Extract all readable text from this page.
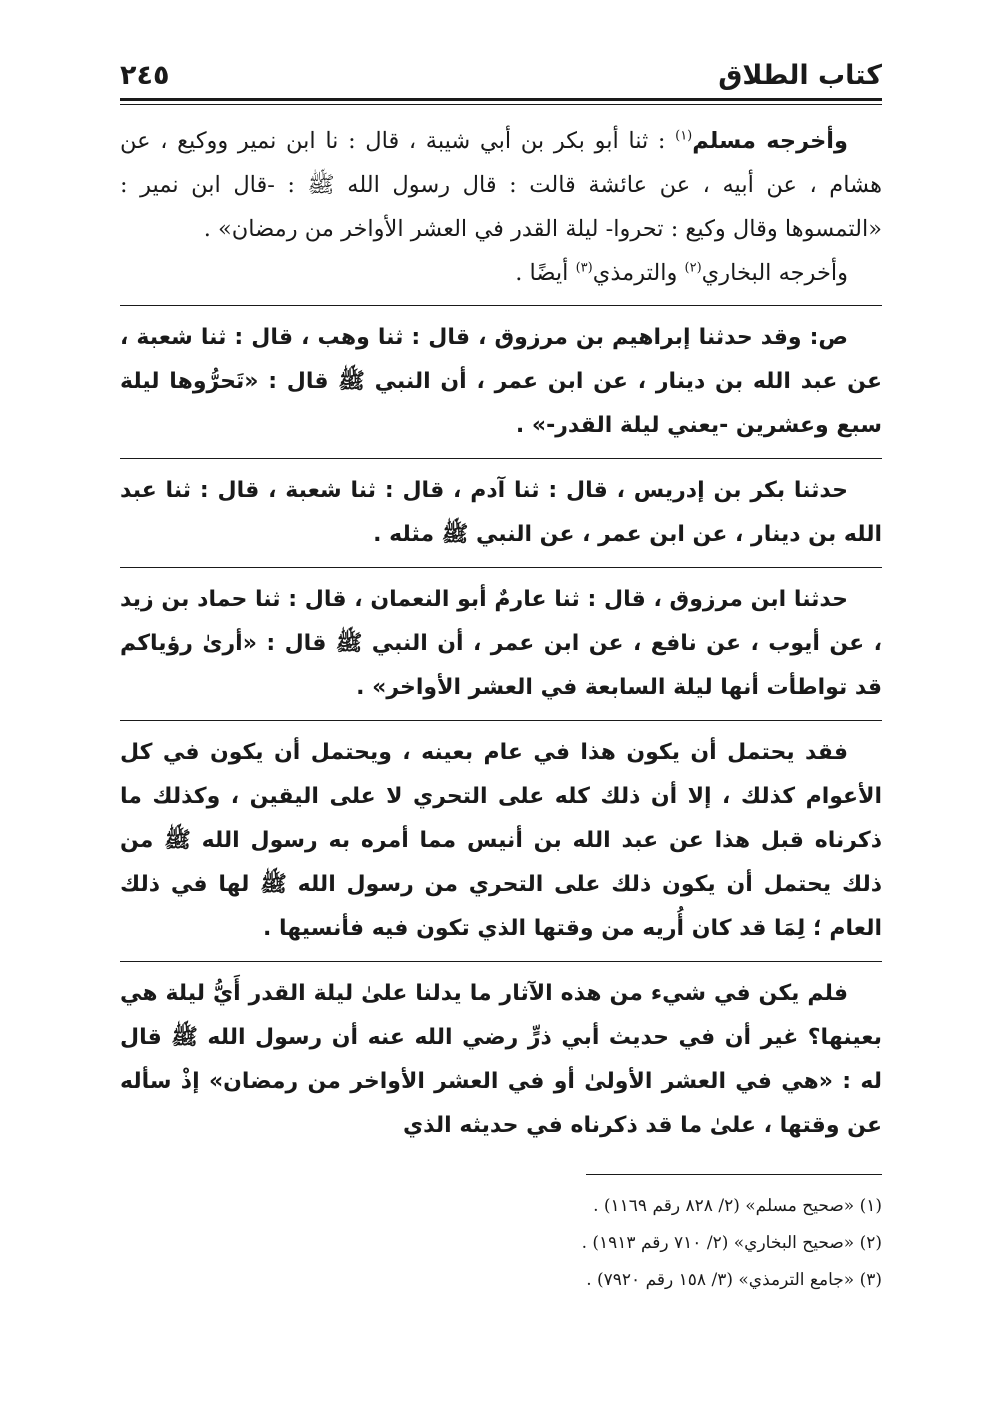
كتاب الطلاق
٢٤٥

وأخرجه مسلم$^{(١)}$ : ثنا أبو بكر بن أبي شيبة ، قال : نا ابن نمير ووكيع ، عن هشام ، عن أبيه ، عن عائشة قالت : قال رسول الله ﷺ : -قال ابن نمير : «التمسوها وقال وكيع : تحروا- ليلة القدر في العشر الأواخر من رمضان» .

وأخرجه البخاري$^{(٢)}$ والترمذي$^{(٣)}$ أيضًا .

ص: وقد حدثنا إبراهيم بن مرزوق ، قال : ثنا وهب ، قال : ثنا شعبة ، عن عبد الله بن دينار ، عن ابن عمر ، أن النبي ﷺ قال : «تَحرُّوها ليلة سبع وعشرين -يعني ليلة القدر-» .

حدثنا بكر بن إدريس ، قال : ثنا آدم ، قال : ثنا شعبة ، قال : ثنا عبد الله بن دينار ، عن ابن عمر ، عن النبي ﷺ مثله .

حدثنا ابن مرزوق ، قال : ثنا عارمٌ أبو النعمان ، قال : ثنا حماد بن زيد ، عن أيوب ، عن نافع ، عن ابن عمر ، أن النبي ﷺ قال : «أرىٰ رؤياكم قد تواطأت أنها ليلة السابعة في العشر الأواخر» .

فقد يحتمل أن يكون هذا في عام بعينه ، ويحتمل أن يكون في كل الأعوام كذلك ، إلا أن ذلك كله على التحري لا على اليقين ، وكذلك ما ذكرناه قبل هذا عن عبد الله بن أنيس مما أمره به رسول الله ﷺ من ذلك يحتمل أن يكون ذلك على التحري من رسول الله ﷺ لها في ذلك العام ؛ لِمَا قد كان أُريه من وقتها الذي تكون فيه فأنسيها .

فلم يكن في شيء من هذه الآثار ما يدلنا علىٰ ليلة القدر أَيُّ ليلة هي بعينها؟ غير أن في حديث أبي ذرٍّ رضي الله عنه أن رسول الله ﷺ قال له : «هي في العشر الأولىٰ أو في العشر الأواخر من رمضان» إذْ سأله عن وقتها ، علىٰ ما قد ذكرناه في حديثه الذي

(١) «صحيح مسلم» (٢/ ٨٢٨ رقم ١١٦٩) .

(٢) «صحيح البخاري» (٢/ ٧١٠ رقم ١٩١٣) .

(٣) «جامع الترمذي» (٣/ ١٥٨ رقم ٧٩٢٠) .
